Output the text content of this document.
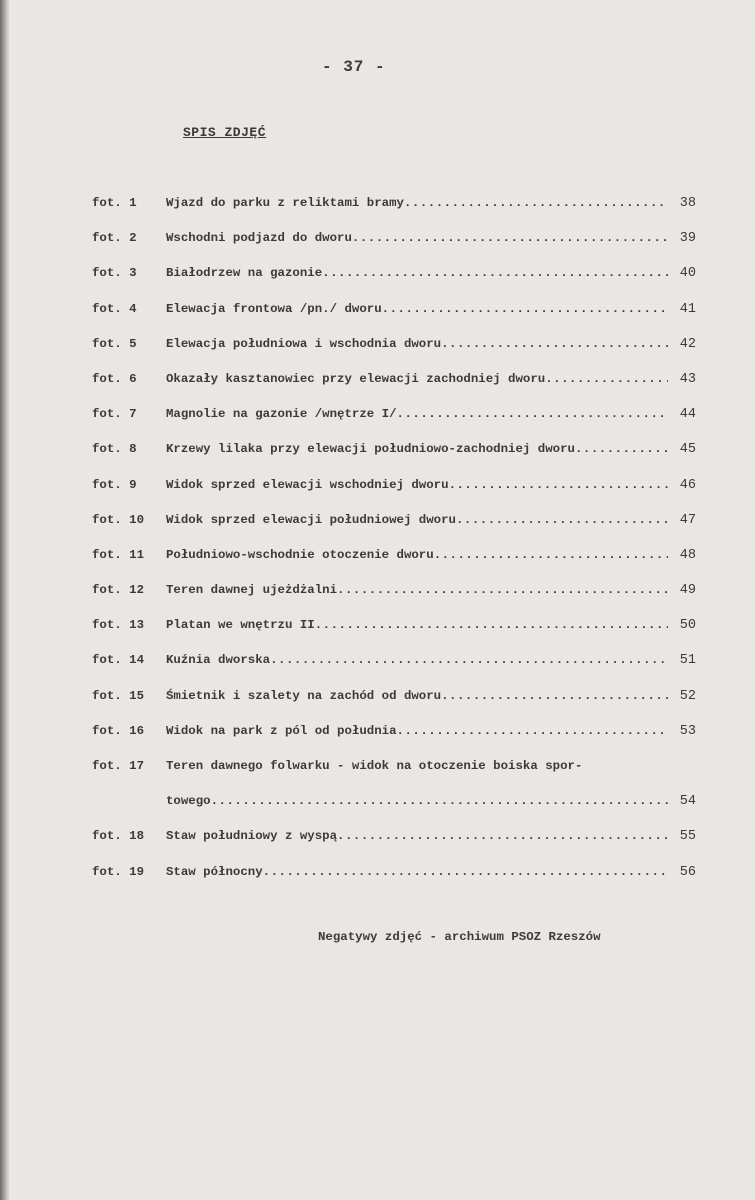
- 37 -
SPIS ZDJĘĆ
fot. 1	Wjazd do parku z reliktami bramy .....	38
fot. 2	Wschodni podjazd do dworu .....	39
fot. 3	Białodrzew na gazonie .....	40
fot. 4	Elewacja frontowa /pn./ dworu .....	41
fot. 5	Elewacja południowa i wschodnia dworu .....	42
fot. 6	Okazały kasztanowiec przy elewacji zachodniej dworu .....	43
fot. 7	Magnolie na gazonie /wnętrze I/ .....	44
fot. 8	Krzewy lilaka przy elewacji południowo-zachodniej dworu .....	45
fot. 9	Widok sprzed elewacji wschodniej dworu .....	46
fot. 10	Widok sprzed elewacji południowej dworu .....	47
fot. 11	Południowo-wschodnie otoczenie dworu .....	48
fot. 12	Teren dawnej ujeżdżalni .....	49
fot. 13	Platan we wnętrzu II .....	50
fot. 14	Kuźnia dworska .....	51
fot. 15	Śmietnik i szalety na zachód od dworu .....	52
fot. 16	Widok na park z pól od południa .....	53
fot. 17	Teren dawnego folwarku - widok na otoczenie boiska spor-
towego .....	54
fot. 18	Staw południowy z wyspą .....	55
fot. 19	Staw północny .....	56
Negatywy zdjęć - archiwum PSOZ Rzeszów
